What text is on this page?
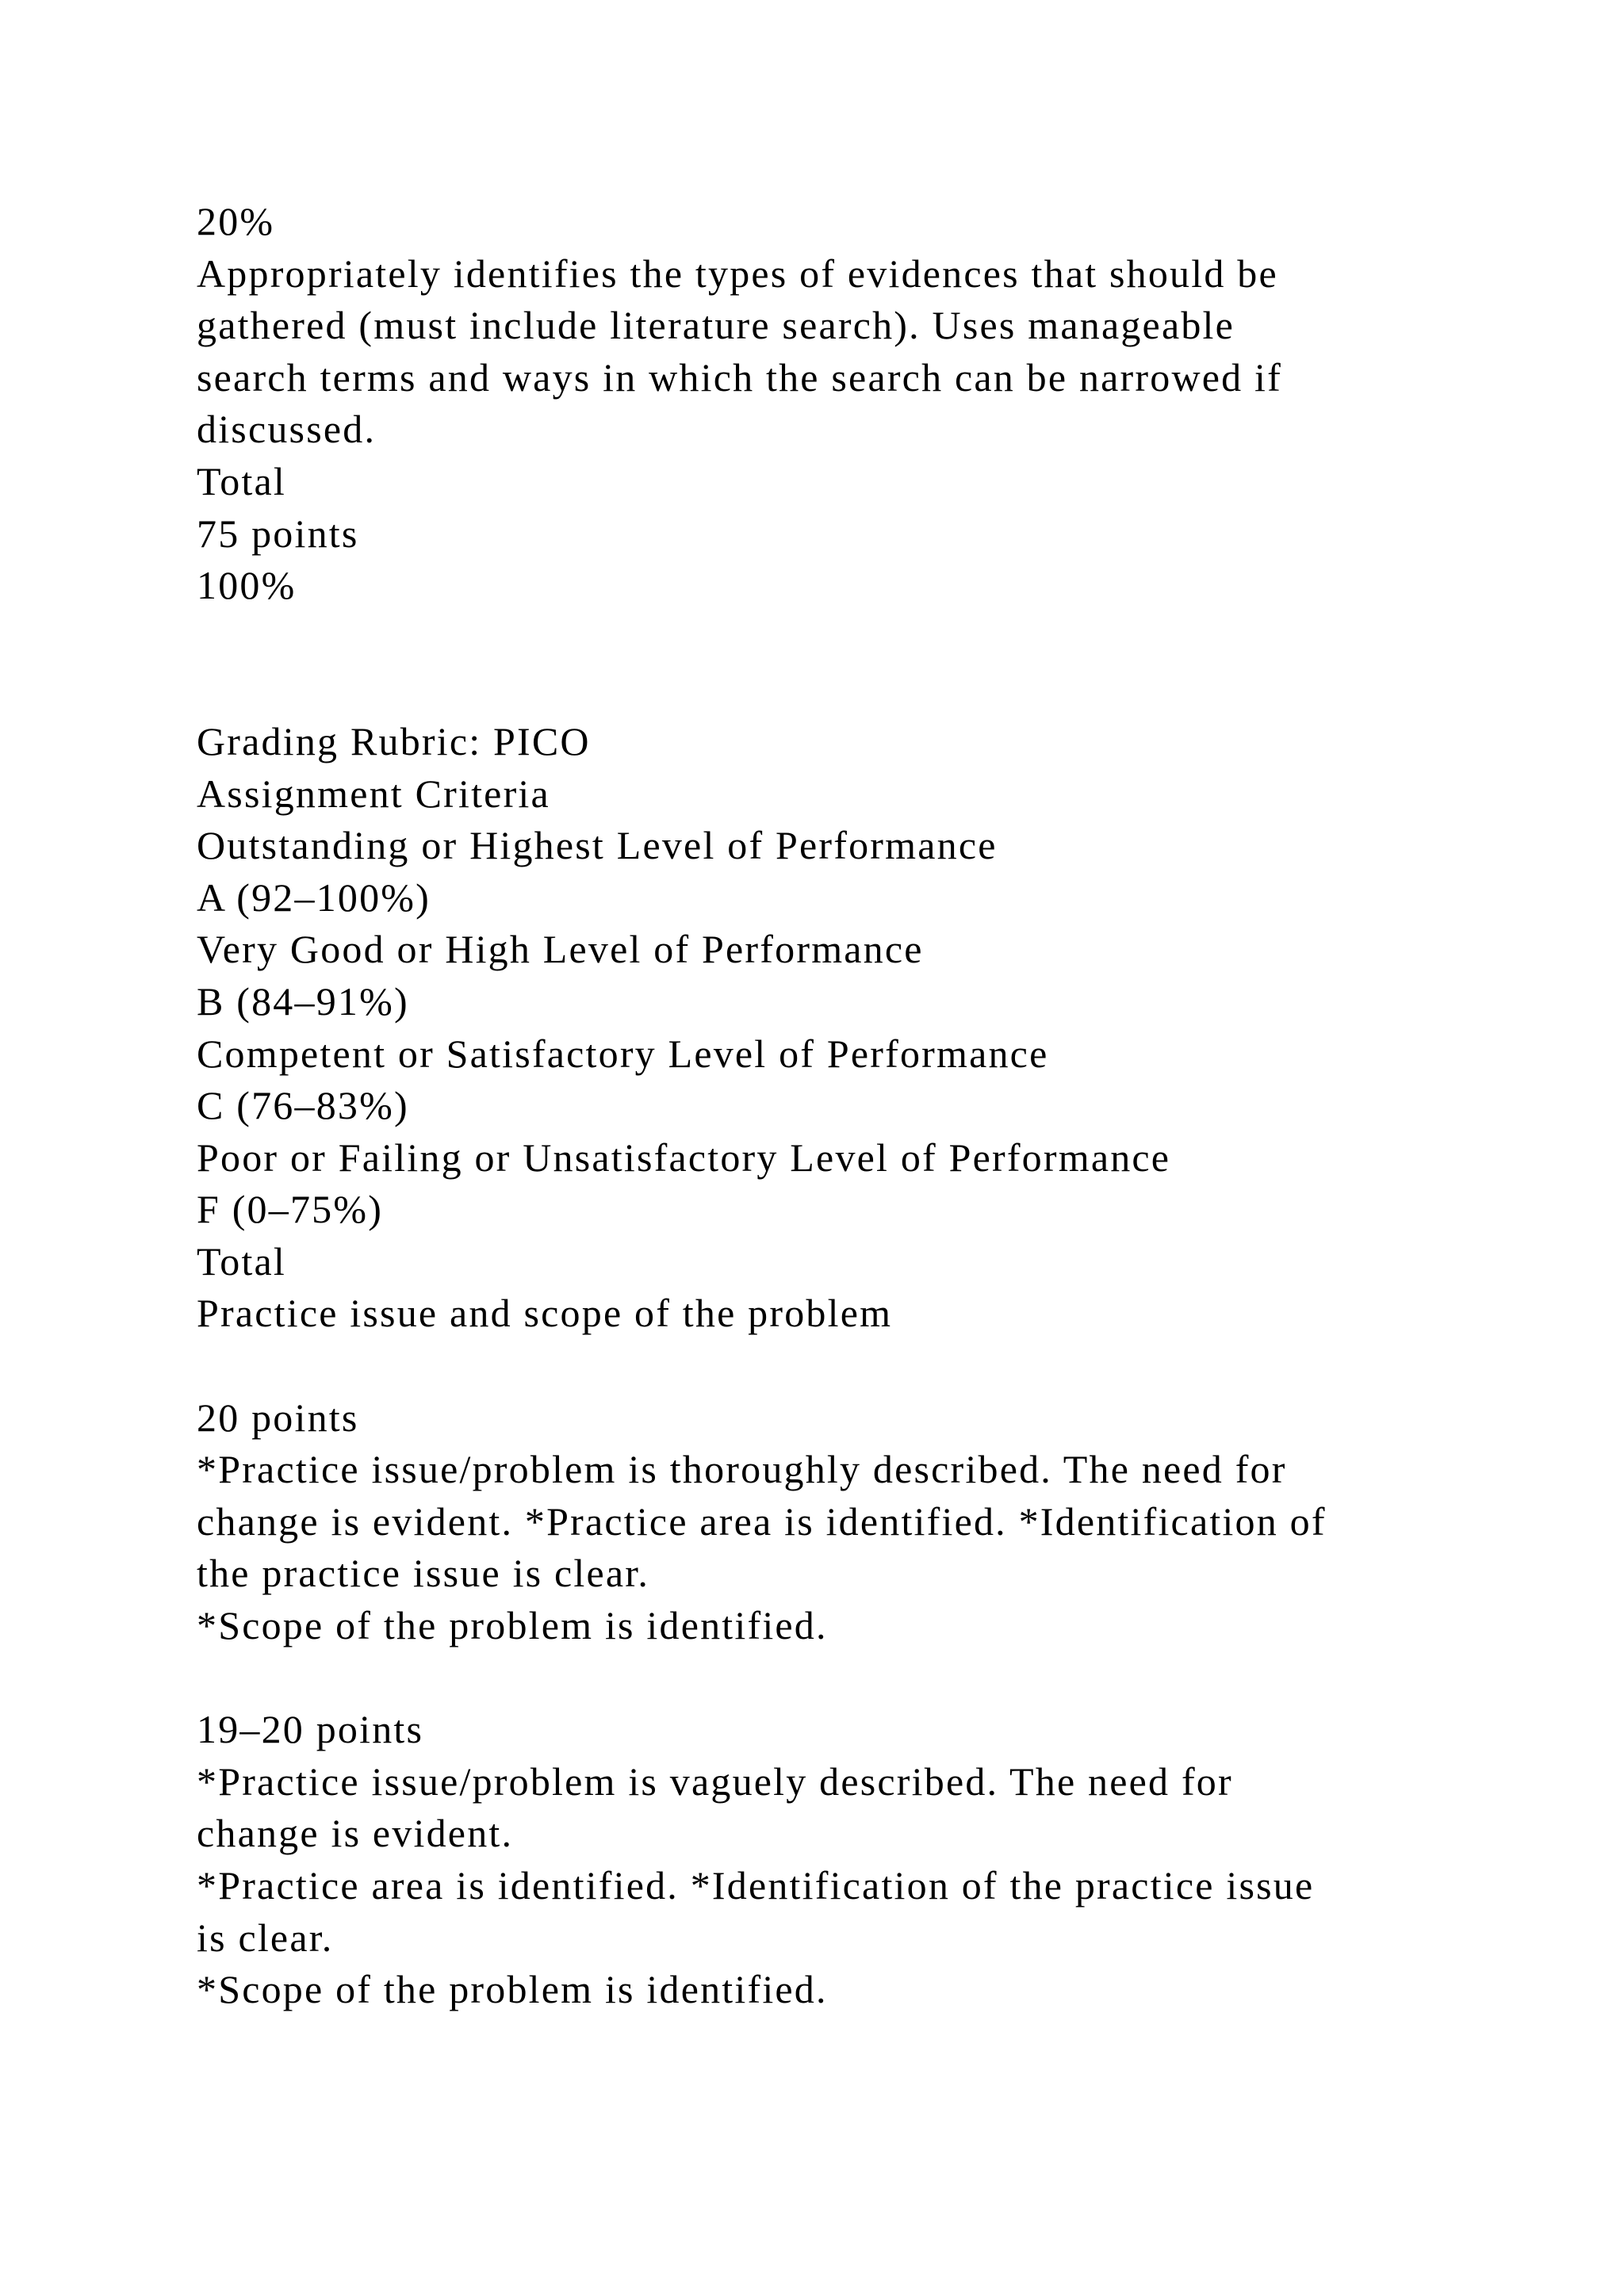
20%
Appropriately identifies the types of evidences that should be
gathered (must include literature search). Uses manageable
search terms and ways in which the search can be narrowed if
discussed.
Total
75 points
100%
Grading Rubric: PICO
Assignment Criteria
Outstanding or Highest Level of Performance
A (92–100%)
Very Good or High Level of Performance
B (84–91%)
Competent or Satisfactory Level of Performance
C (76–83%)
Poor or Failing or Unsatisfactory Level of Performance
F (0–75%)
Total
Practice issue and scope of the problem
20 points
*Practice issue/problem is thoroughly described. The need for
change is evident. *Practice area is identified. *Identification of
the practice issue is clear.
*Scope of the problem is identified.
19–20 points
*Practice issue/problem is vaguely described. The need for
change is evident.
*Practice area is identified. *Identification of the practice issue
is clear.
*Scope of the problem is identified.
